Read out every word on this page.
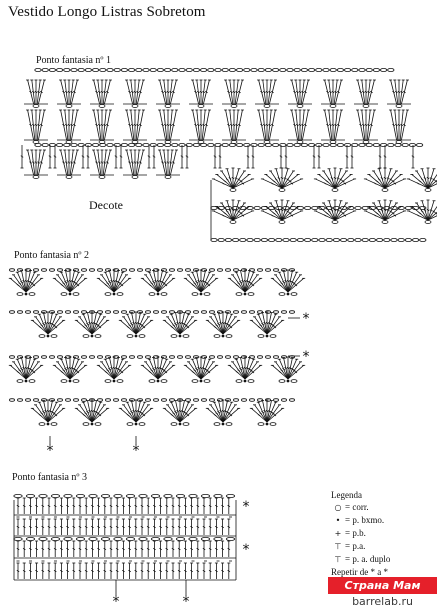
*
*
*	*
*
*
*	*
Vestido Longo Listras Sobretom
Ponto fantasia nº 1
Decote
Ponto fantasia nº 2
Ponto fantasia nº 3
Legenda
○ = corr.
• = p. bxmo.
+ = p.b.
⊤ = p.a.
⊤ = p. a. duplo
Repetir de * a *
Страна Мам
barrelab.ru
